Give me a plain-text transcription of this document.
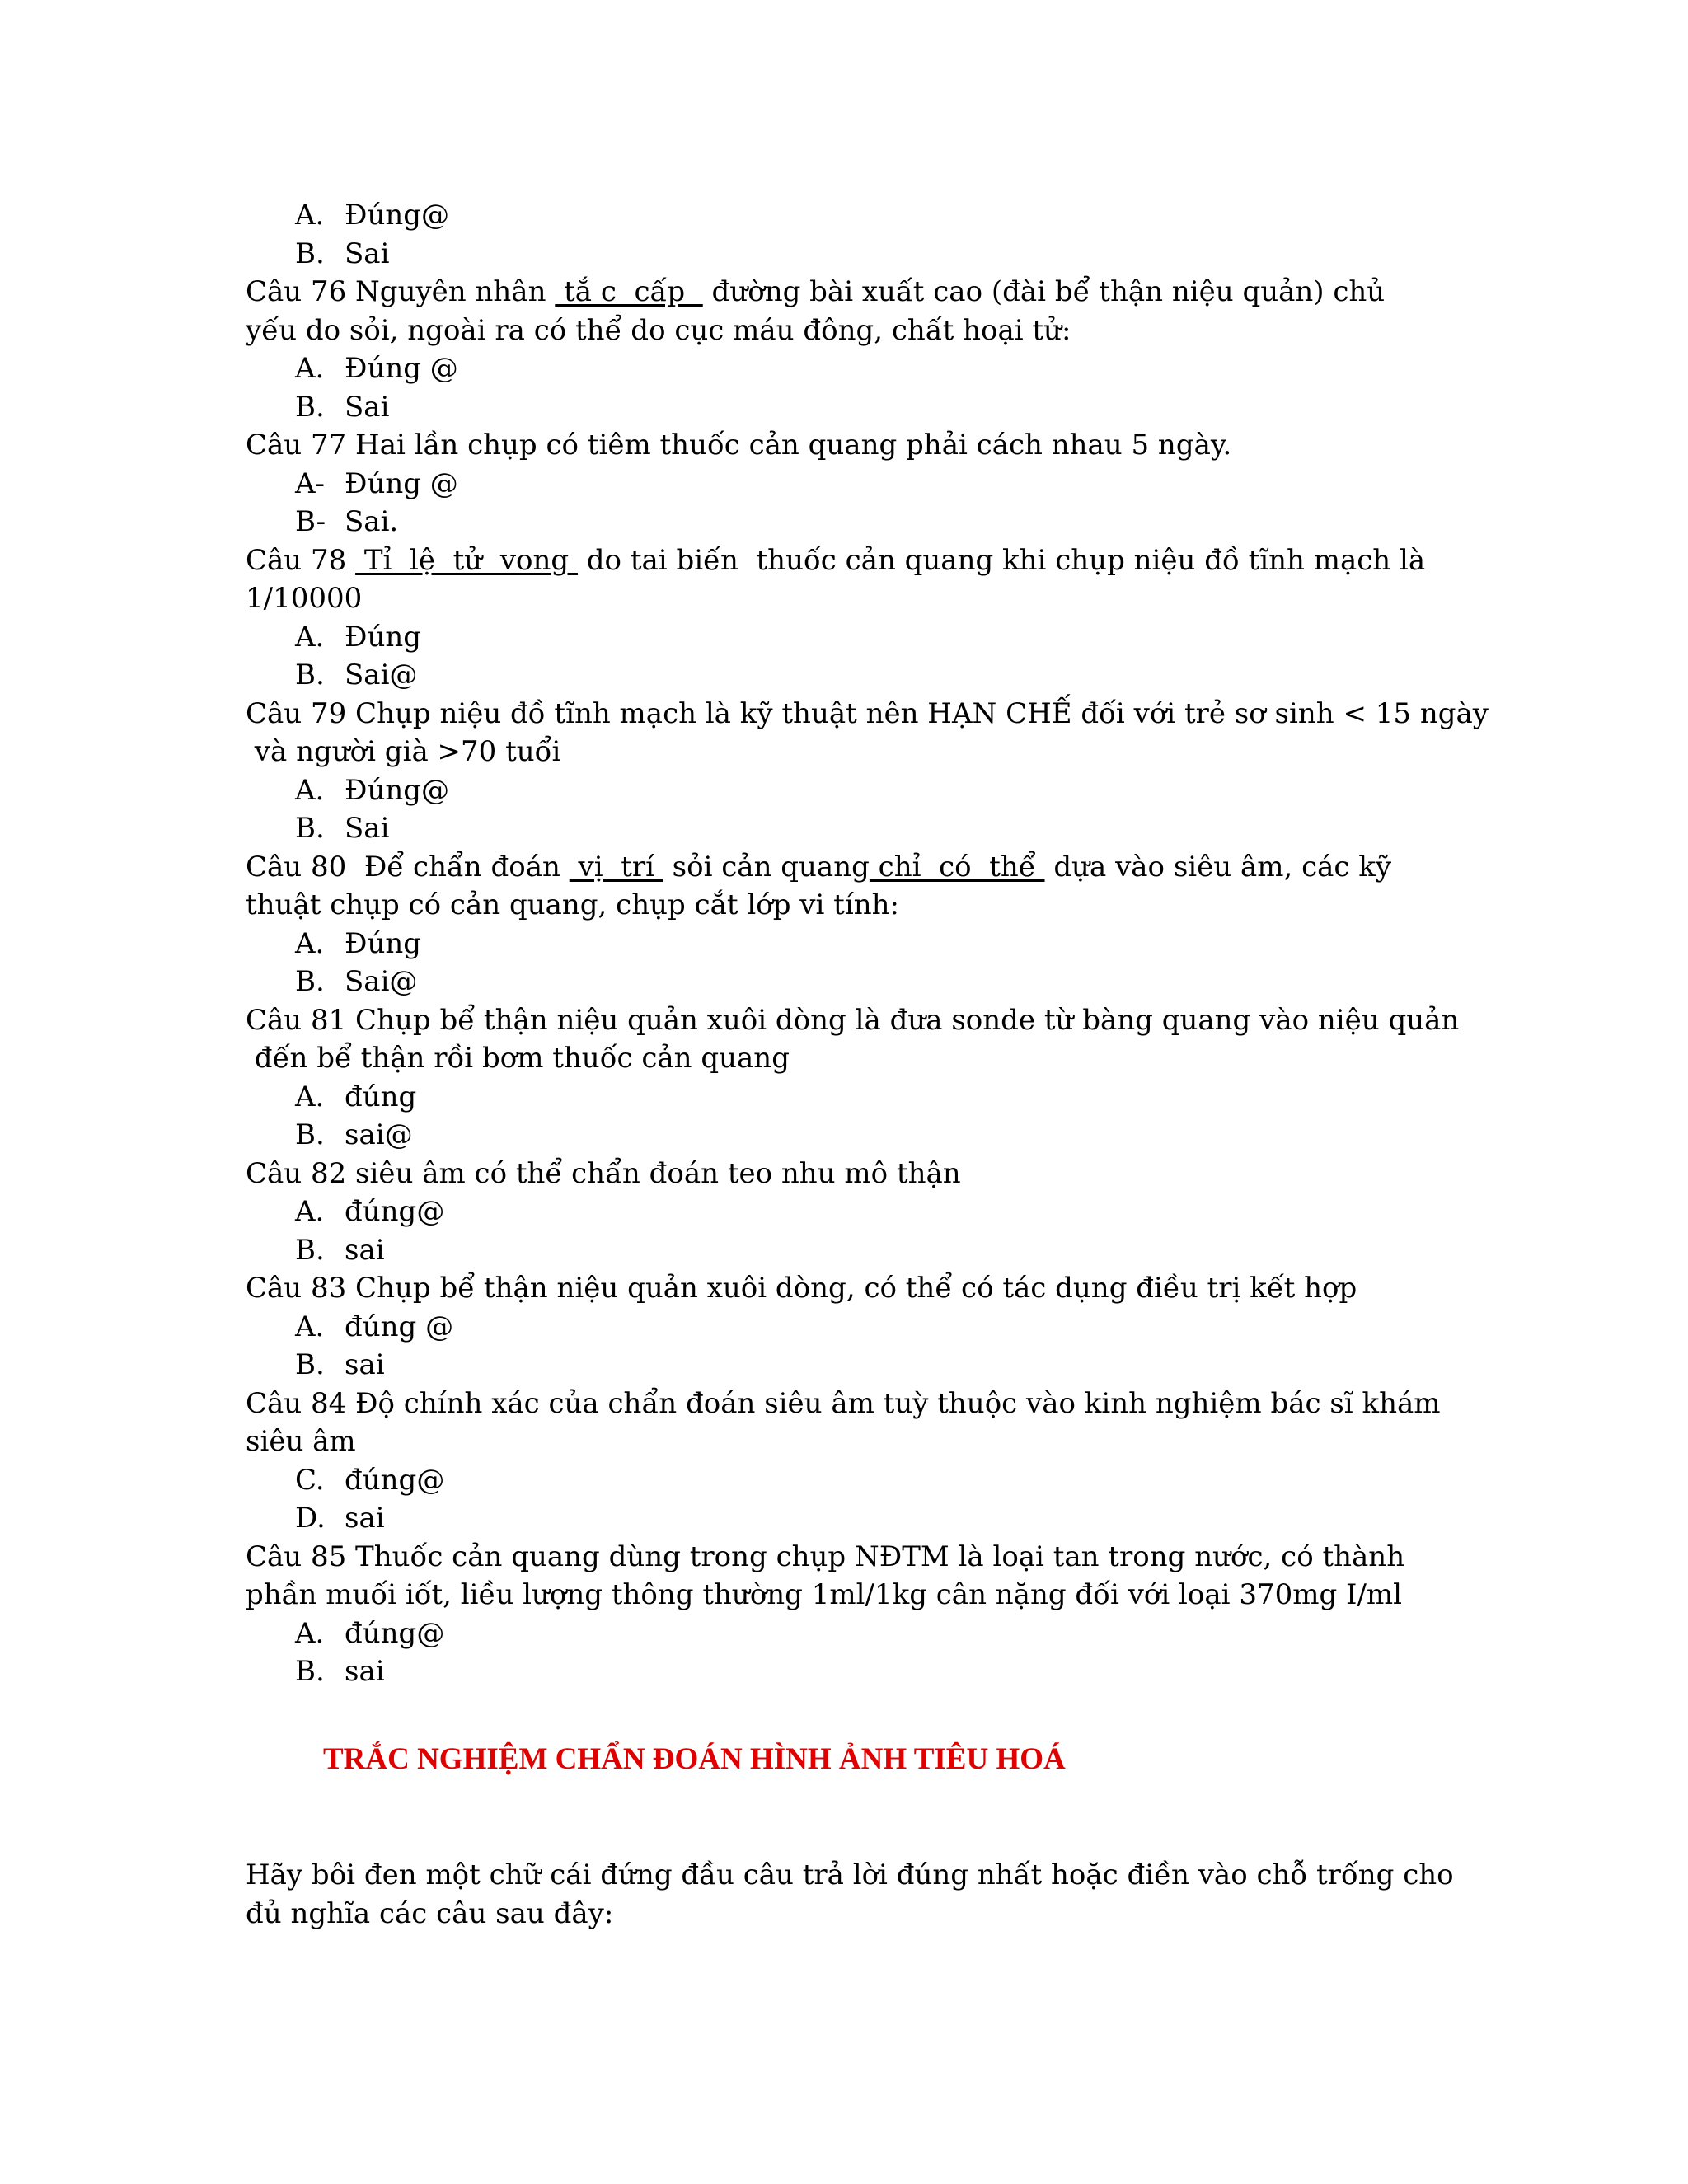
A. Đúng@
B. Sai
Câu 76 Nguyên nhân  tắ c  cấp   đường bài xuất cao (đài bể thận niệu quản) chủ
yếu do sỏi, ngoài ra có thể do cục máu đông, chất hoại tử:
A. Đúng @
B. Sai
Câu 77 Hai lần chụp có tiêm thuốc cản quang phải cách nhau 5 ngày.
A- Đúng @
B- Sai.
Câu 78  Tỉ  lệ  tử  vong  do tai biến  thuốc cản quang khi chụp niệu đồ tĩnh mạch là
1/10000
A. Đúng
B. Sai@
Câu 79 Chụp niệu đồ tĩnh mạch là kỹ thuật nên HẠN CHẾ đối với trẻ sơ sinh < 15 ngày
và người già >70 tuổi
A. Đúng@
B. Sai
Câu 80  Để chẩn đoán  vị  trí  sỏi cản quang chỉ  có  thể  dựa vào siêu âm, các kỹ
thuật chụp có cản quang, chụp cắt lớp vi tính:
A. Đúng
B. Sai@
Câu 81 Chụp bể thận niệu quản xuôi dòng là đưa sonde từ bàng quang vào niệu quản
đến bể thận rồi bơm thuốc cản quang
A. đúng
B. sai@
Câu 82 siêu âm có thể chẩn đoán teo nhu mô thận
A. đúng@
B. sai
Câu 83 Chụp bể thận niệu quản xuôi dòng, có thể có tác dụng điều trị kết hợp
A. đúng @
B. sai
Câu 84 Độ chính xác của chẩn đoán siêu âm tuỳ thuộc vào kinh nghiệm bác sĩ khám
siêu âm
C. đúng@
D. sai
Câu 85 Thuốc cản quang dùng trong chụp NĐTM là loại tan trong nước, có thành
phần muối iốt, liều lượng thông thường 1ml/1kg cân nặng đối với loại 370mg I/ml
A. đúng@
B. sai
TRẮC NGHIỆM CHẨN ĐOÁN HÌNH ẢNH TIÊU HOÁ
Hãy bôi đen một chữ cái đứng đầu câu trả lời đúng nhất hoặc điền vào chỗ trống cho
đủ nghĩa các câu sau đây:
